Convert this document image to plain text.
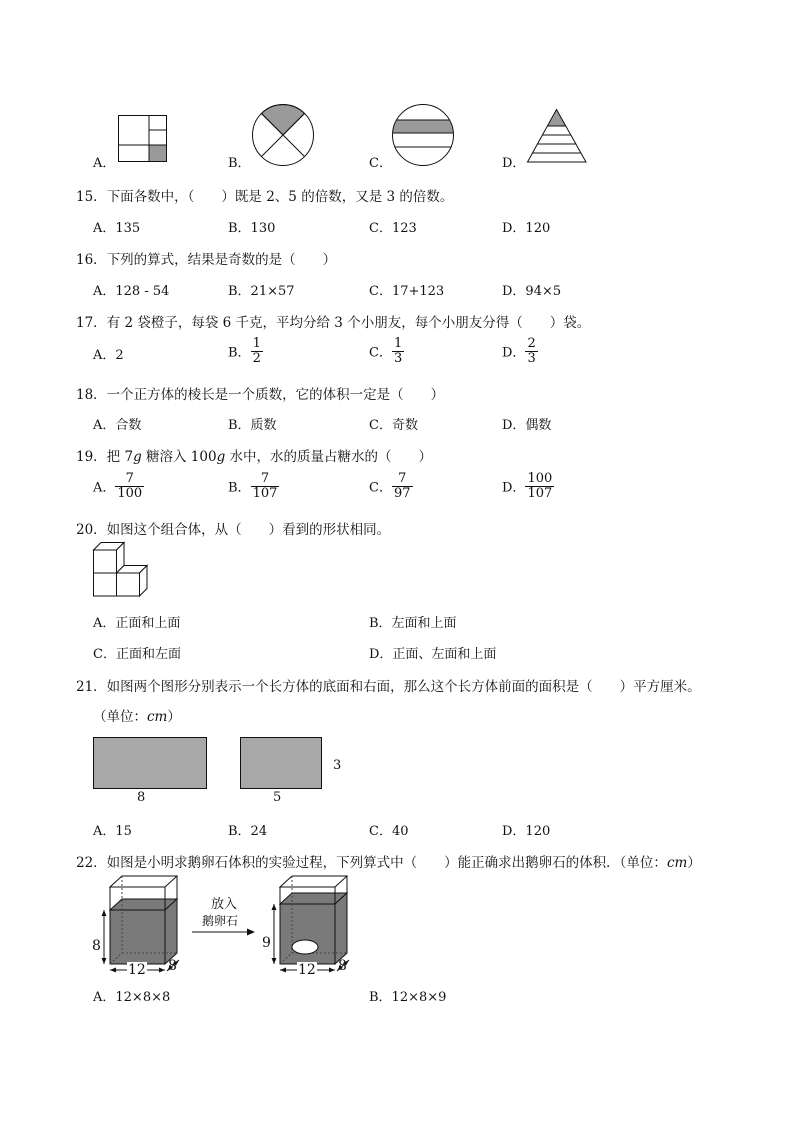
A．	B．	C．	D．
15．下面各数中，（　　）既是 2、5 的倍数，又是 3 的倍数。
A．135	B．130	C．123	D．120
16．下列的算式，结果是奇数的是（　　）
A．128 - 54	B．21×57	C．17+123	D．94×5
17．有 2 袋橙子，每袋 6 千克，平均分给 3 个小朋友，每个小朋友分得（　　）袋。
A．2	B． $\frac{1}{2}$	C． $\frac{1}{3}$	D． $\frac{2}{3}$
18．一个正方体的棱长是一个质数，它的体积一定是（　　）
A．合数	B．质数	C．奇数	D．偶数
19．把 7g 糖溶入 100g 水中，水的质量占糖水的（　　）
A． $\frac{7}{100}$	B． $\frac{7}{107}$	C． $\frac{7}{97}$	D． $\frac{100}{107}$
20．如图这个组合体，从（　　）看到的形状相同。
A．正面和上面	B．左面和上面
C．正面和左面	D．正面、左面和上面
21．如图两个图形分别表示一个长方体的底面和右面，那么这个长方体前面的面积是（　　）平方厘米。
（单位：cm）
8	5
3
A．15	B．24	C．40	D．120
22．如图是小明求鹅卵石体积的实验过程，下列算式中（　　）能正确求出鹅卵石的体积．（单位：cm）
8
12 8
放入
鹅卵石
9
12 8
A．12×8×8	B．12×8×9
